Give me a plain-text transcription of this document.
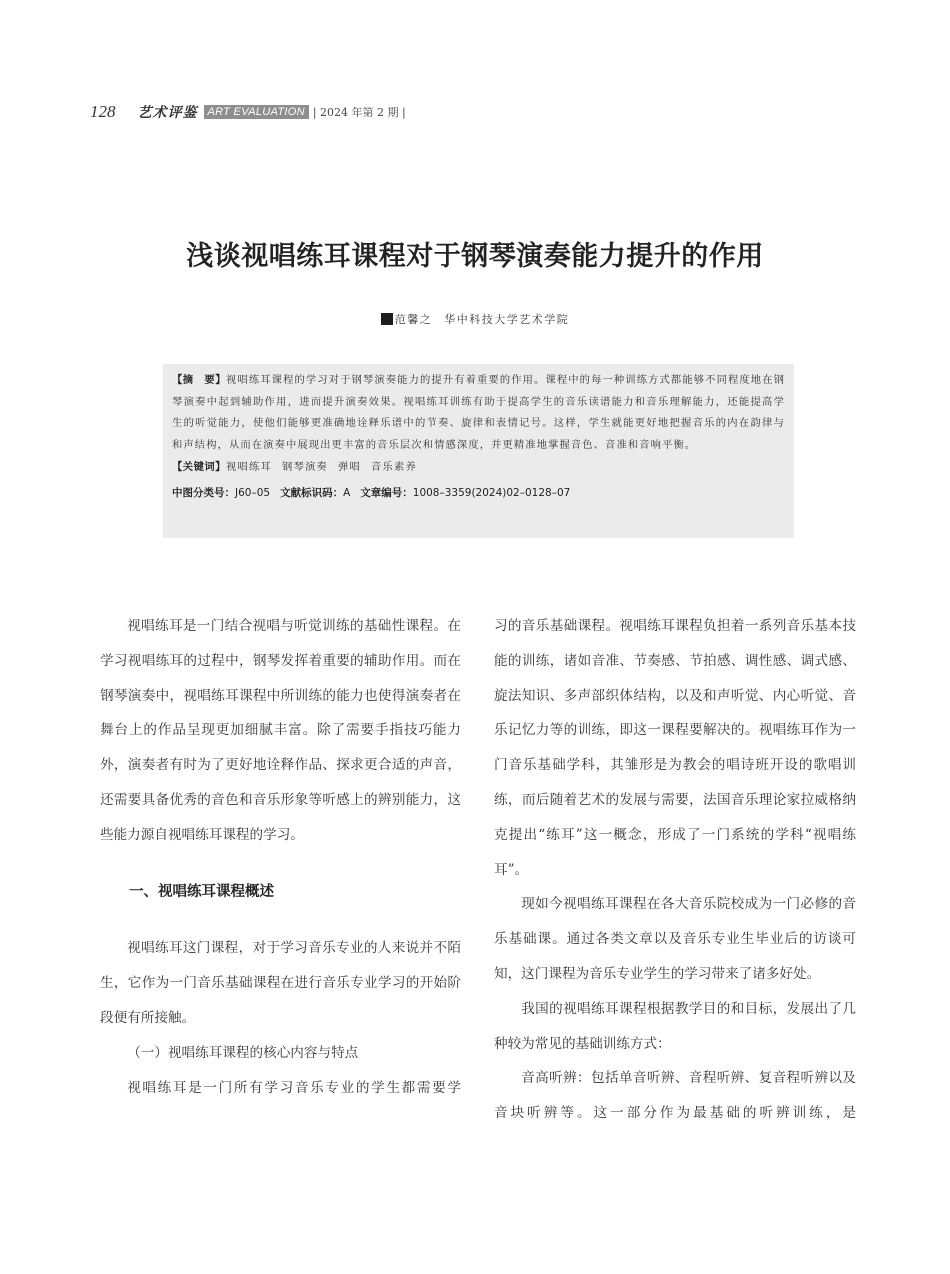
128 艺术评鉴 ART EVALUATION | 2024 年第 2 期 |
浅谈视唱练耳课程对于钢琴演奏能力提升的作用
范馨之 华中科技大学艺术学院

【摘　要】视唱练耳课程的学习对于钢琴演奏能力的提升有着重要的作用。课程中的每一种训练方式都能够不同程度地在钢琴演奏中起到辅助作用，进而提升演奏效果。视唱练耳训练有助于提高学生的音乐读谱能力和音乐理解能力，还能提高学生的听觉能力，使他们能够更准确地诠释乐谱中的节奏、旋律和表情记号。这样，学生就能更好地把握音乐的内在韵律与和声结构，从而在演奏中展现出更丰富的音乐层次和情感深度，并更精准地掌握音色、音准和音响平衡。

【关键词】视唱练耳 钢琴演奏 弹唱 音乐素养
中图分类号：J60–05 文献标识码：A 文章编号：1008–3359(2024)02–0128–07

视唱练耳是一门结合视唱与听觉训练的基础性课程。在学习视唱练耳的过程中，钢琴发挥着重要的辅助作用。而在钢琴演奏中，视唱练耳课程中所训练的能力也使得演奏者在舞台上的作品呈现更加细腻丰富。除了需要手指技巧能力外，演奏者有时为了更好地诠释作品、探求更合适的声音，还需要具备优秀的音色和音乐形象等听感上的辨别能力，这些能力源自视唱练耳课程的学习。

一、视唱练耳课程概述

视唱练耳这门课程，对于学习音乐专业的人来说并不陌生，它作为一门音乐基础课程在进行音乐专业学习的开始阶段便有所接触。

（一）视唱练耳课程的核心内容与特点

视唱练耳是一门所有学习音乐专业的学生都需要学

习的音乐基础课程。视唱练耳课程负担着一系列音乐基本技能的训练，诸如音准、节奏感、节拍感、调性感、调式感、旋法知识、多声部织体结构，以及和声听觉、内心听觉、音乐记忆力等的训练，即这一课程要解决的。视唱练耳作为一门音乐基础学科，其雏形是为教会的唱诗班开设的歌唱训练，而后随着艺术的发展与需要，法国音乐理论家拉威格纳克提出“练耳”这一概念，形成了一门系统的学科“视唱练耳”。

现如今视唱练耳课程在各大音乐院校成为一门必修的音乐基础课。通过各类文章以及音乐专业生毕业后的访谈可知，这门课程为音乐专业学生的学习带来了诸多好处。

我国的视唱练耳课程根据教学目的和目标，发展出了几种较为常见的基础训练方式：

音高听辨：包括单音听辨、音程听辨、复音程听辨以及音块听辨等。这一部分作为最基础的听辨训练，是
